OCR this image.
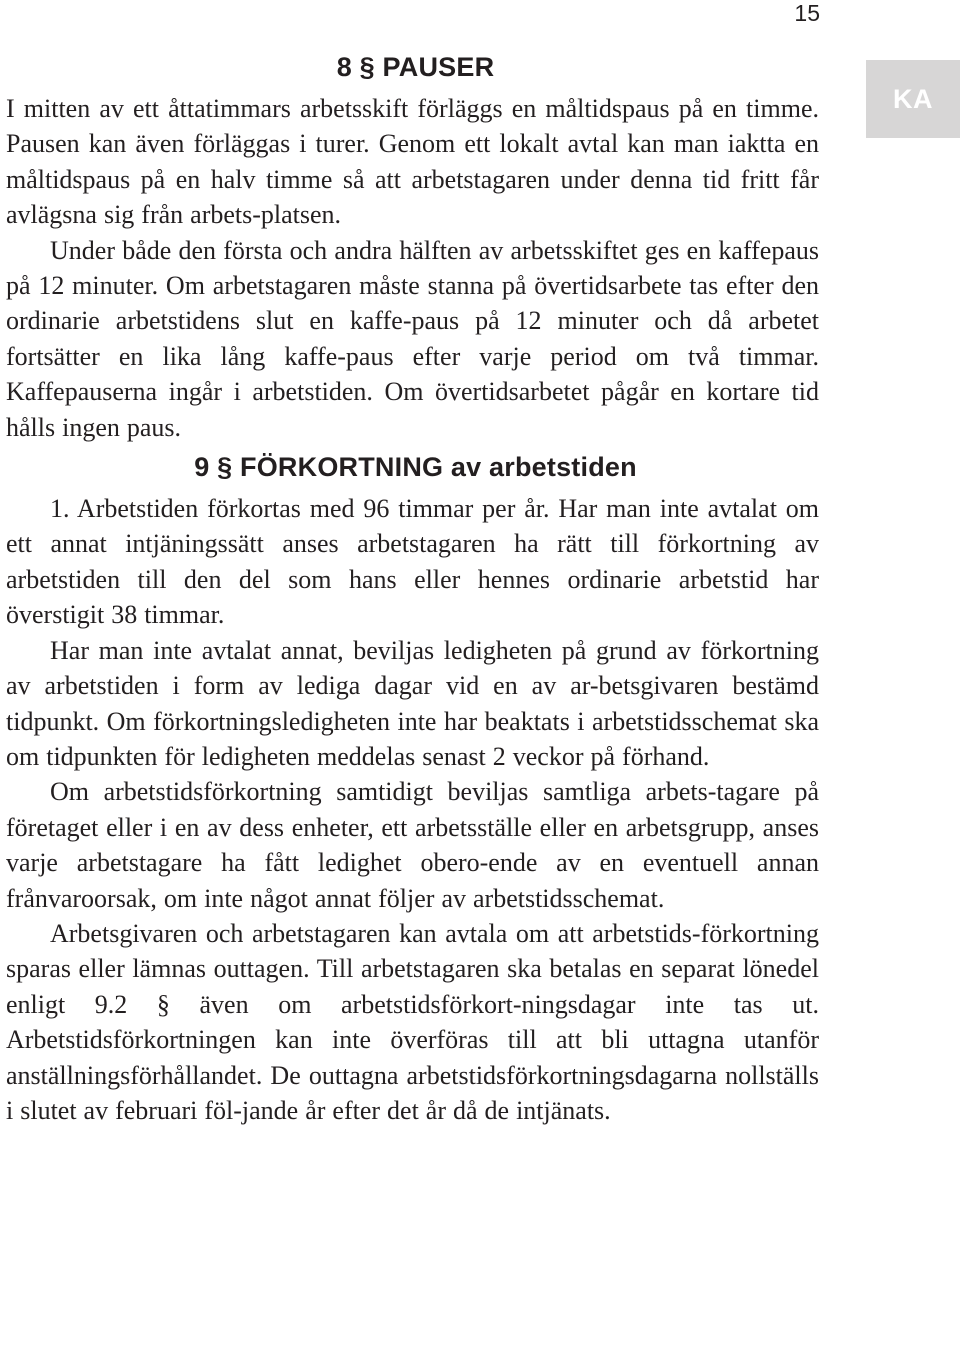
15
KA
8 § PAUSER

I mitten av ett åttatimmars arbetsskift förläggs en måltidspaus på en timme. Pausen kan även förläggas i turer. Genom ett lokalt avtal kan man iaktta en måltidspaus på en halv timme så att arbetstagaren under denna tid fritt får avlägsna sig från arbets-platsen.

Under både den första och andra hälften av arbetsskiftet ges en kaffepaus på 12 minuter. Om arbetstagaren måste stanna på övertidsarbete tas efter den ordinarie arbetstidens slut en kaffe-paus på 12 minuter och då arbetet fortsätter en lika lång kaffe-paus efter varje period om två timmar. Kaffepauserna ingår i arbetstiden. Om övertidsarbetet pågår en kortare tid hålls ingen paus.

9 § FÖRKORTNING av arbetstiden

1. Arbetstiden förkortas med 96 timmar per år. Har man inte avtalat om ett annat intjäningssätt anses arbetstagaren ha rätt till förkortning av arbetstiden till den del som hans eller hennes ordinarie arbetstid har överstigit 38 timmar.

Har man inte avtalat annat, beviljas ledigheten på grund av förkortning av arbetstiden i form av lediga dagar vid en av ar-betsgivaren bestämd tidpunkt. Om förkortningsledigheten inte har beaktats i arbetstidsschemat ska om tidpunkten för ledigheten meddelas senast 2 veckor på förhand.

Om arbetstidsförkortning samtidigt beviljas samtliga arbets-tagare på företaget eller i en av dess enheter, ett arbetsställe eller en arbetsgrupp, anses varje arbetstagare ha fått ledighet obero-ende av en eventuell annan frånvaroorsak, om inte något annat följer av arbetstidsschemat.

Arbetsgivaren och arbetstagaren kan avtala om att arbetstids-förkortning sparas eller lämnas outtagen. Till arbetstagaren ska betalas en separat lönedel enligt 9.2 § även om arbetstidsförkort-ningsdagar inte tas ut. Arbetstidsförkortningen kan inte överföras till att bli uttagna utanför anställningsförhållandet. De outtagna arbetstidsförkortningsdagarna nollställs i slutet av februari föl-jande år efter det år då de intjänats.
